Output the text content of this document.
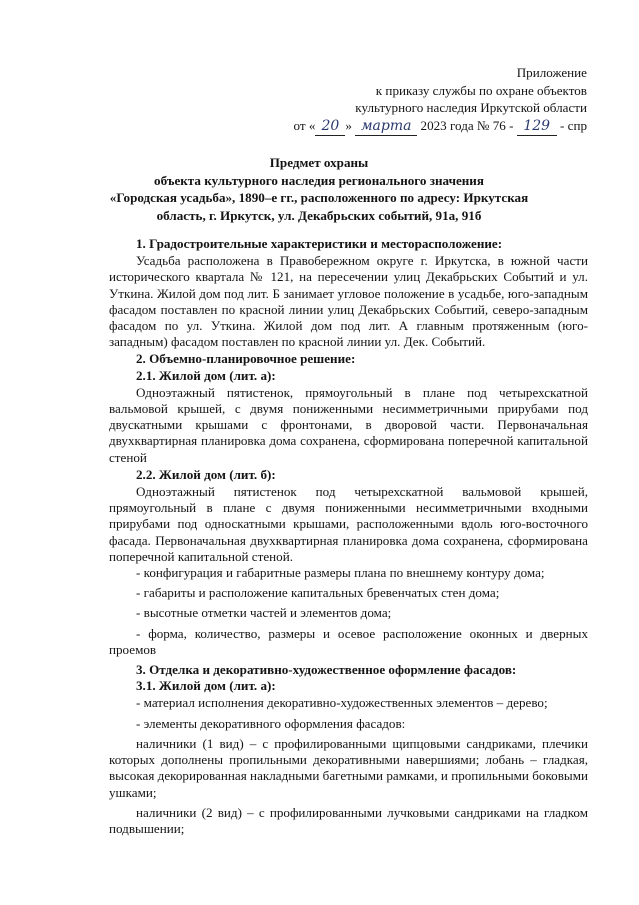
Приложение
к приказу службы по охране объектов
культурного наследия Иркутской области
от « 20 » марта 2023 года № 76 - 129 - спр
Предмет охраны
объекта культурного наследия регионального значения
«Городская усадьба», 1890–е гг., расположенного по адресу: Иркутская
область, г. Иркутск, ул. Декабрьских событий, 91а, 91б

1. Градостроительные характеристики и месторасположение:

Усадьба расположена в Правобережном округе г. Иркутска, в южной части исторического квартала № 121, на пересечении улиц Декабрьских Событий и ул. Уткина. Жилой дом под лит. Б занимает угловое положение в усадьбе, юго-западным фасадом поставлен по красной линии улиц Декабрьских Событий, северо-западным фасадом по ул. Уткина. Жилой дом под лит. А главным протяженным (юго-западным) фасадом поставлен по красной линии ул. Дек. Событий.

2. Объемно-планировочное решение:

2.1. Жилой дом (лит. а):

Одноэтажный пятистенок, прямоугольный в плане под четырехскатной вальмовой крышей, с двумя пониженными несимметричными прирубами под двускатными крышами с фронтонами, в дворовой части. Первоначальная двухквартирная планировка дома сохранена, сформирована поперечной капитальной стеной

2.2. Жилой дом (лит. б):

Одноэтажный пятистенок под четырехскатной вальмовой крышей, прямоугольный в плане с двумя пониженными несимметричными входными прирубами под односкатными крышами, расположенными вдоль юго-восточного фасада. Первоначальная двухквартирная планировка дома сохранена, сформирована поперечной капитальной стеной.

- конфигурация и габаритные размеры плана по внешнему контуру дома;

- габариты и расположение капитальных бревенчатых стен дома;

- высотные отметки частей и элементов дома;

- форма, количество, размеры и осевое расположение оконных и дверных проемов

3. Отделка и декоративно-художественное оформление фасадов:

3.1. Жилой дом (лит. а):

- материал исполнения декоративно-художественных элементов – дерево;

- элементы декоративного оформления фасадов:

наличники (1 вид) – с профилированными щипцовыми сандриками, плечики которых дополнены пропильными декоративными навершиями; лобань – гладкая, высокая декорированная накладными багетными рамками, и пропильными боковыми ушками;

наличники (2 вид) – с профилированными лучковыми сандриками на гладком подвышении;
